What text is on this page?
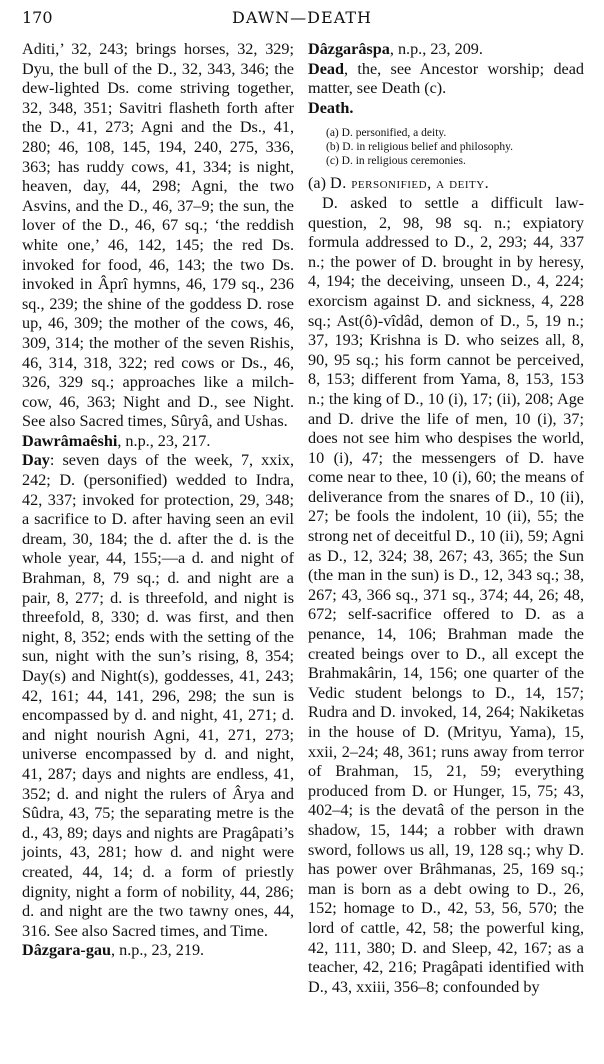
170	DAWN—DEATH

Aditi,’ 32, 243; brings horses, 32, 329; Dyu, the bull of the D., 32, 343, 346; the dew-lighted Ds. come striving together, 32, 348, 351; Savitri flasheth forth after the D., 41, 273; Agni and the Ds., 41, 280; 46, 108, 145, 194, 240, 275, 336, 363; has ruddy cows, 41, 334; is night, heaven, day, 44, 298; Agni, the two Asvins, and the D., 46, 37–9; the sun, the lover of the D., 46, 67 sq.; ‘the reddish white one,’ 46, 142, 145; the red Ds. invoked for food, 46, 143; the two Ds. invoked in Âprî hymns, 46, 179 sq., 236 sq., 239; the shine of the goddess D. rose up, 46, 309; the mother of the cows, 46, 309, 314; the mother of the seven Rishis, 46, 314, 318, 322; red cows or Ds., 46, 326, 329 sq.; approaches like a milch-cow, 46, 363; Night and D., see Night. See also Sacred times, Sûryâ, and Ushas.

Dawrâmaêshi, n.p., 23, 217.

Day: seven days of the week, 7, xxix, 242; D. (personified) wedded to Indra, 42, 337; invoked for protection, 29, 348; a sacrifice to D. after having seen an evil dream, 30, 184; the d. after the d. is the whole year, 44, 155;—a d. and night of Brahman, 8, 79 sq.; d. and night are a pair, 8, 277; d. is threefold, and night is threefold, 8, 330; d. was first, and then night, 8, 352; ends with the setting of the sun, night with the sun’s rising, 8, 354; Day(s) and Night(s), goddesses, 41, 243; 42, 161; 44, 141, 296, 298; the sun is encompassed by d. and night, 41, 271; d. and night nourish Agni, 41, 271, 273; universe encompassed by d. and night, 41, 287; days and nights are endless, 41, 352; d. and night the rulers of Ârya and Sûdra, 43, 75; the separating metre is the d., 43, 89; days and nights are Pragâpati’s joints, 43, 281; how d. and night were created, 44, 14; d. a form of priestly dignity, night a form of nobility, 44, 286; d. and night are the two tawny ones, 44, 316. See also Sacred times, and Time.

Dâzgara-gau, n.p., 23, 219.

Dâzgarâspa, n.p., 23, 209.

Dead, the, see Ancestor worship; dead matter, see Death (c).

Death.

(a) D. personified, a deity.
(b) D. in religious belief and philosophy.
(c) D. in religious ceremonies.

(a) D. personified, a deity.

D. asked to settle a difficult law-question, 2, 98, 98 sq. n.; expiatory formula addressed to D., 2, 293; 44, 337 n.; the power of D. brought in by heresy, 4, 194; the deceiving, unseen D., 4, 224; exorcism against D. and sickness, 4, 228 sq.; Ast(ô)-vîdâd, demon of D., 5, 19 n.; 37, 193; Krishna is D. who seizes all, 8, 90, 95 sq.; his form cannot be perceived, 8, 153; different from Yama, 8, 153, 153 n.; the king of D., 10 (i), 17; (ii), 208; Age and D. drive the life of men, 10 (i), 37; does not see him who despises the world, 10 (i), 47; the messengers of D. have come near to thee, 10 (i), 60; the means of deliverance from the snares of D., 10 (ii), 27; be fools the indolent, 10 (ii), 55; the strong net of deceitful D., 10 (ii), 59; Agni as D., 12, 324; 38, 267; 43, 365; the Sun (the man in the sun) is D., 12, 343 sq.; 38, 267; 43, 366 sq., 371 sq., 374; 44, 26; 48, 672; self-sacrifice offered to D. as a penance, 14, 106; Brahman made the created beings over to D., all except the Brahmakârin, 14, 156; one quarter of the Vedic student belongs to D., 14, 157; Rudra and D. invoked, 14, 264; Nakiketas in the house of D. (Mrityu, Yama), 15, xxii, 2–24; 48, 361; runs away from terror of Brahman, 15, 21, 59; everything produced from D. or Hunger, 15, 75; 43, 402–4; is the devatâ of the person in the shadow, 15, 144; a robber with drawn sword, follows us all, 19, 128 sq.; why D. has power over Brâhmanas, 25, 169 sq.; man is born as a debt owing to D., 26, 152; homage to D., 42, 53, 56, 570; the lord of cattle, 42, 58; the powerful king, 42, 111, 380; D. and Sleep, 42, 167; as a teacher, 42, 216; Pragâpati identified with D., 43, xxiii, 356–8; confounded by
